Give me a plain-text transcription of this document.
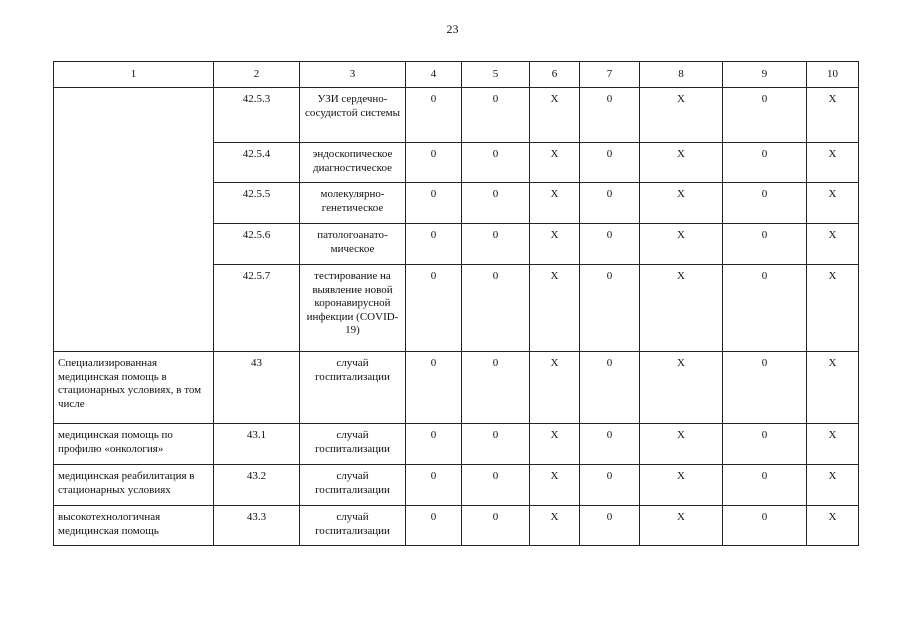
23
1	2	3	4	5	6	7	8	9	10
	42.5.3	УЗИ сердечно-сосудистой системы	0	0	X	0	X	0	X
	42.5.4	эндоскопическое диагностическое	0	0	X	0	X	0	X
	42.5.5	молекулярно-генетическое	0	0	X	0	X	0	X
	42.5.6	патологоанато-мическое	0	0	X	0	X	0	X
	42.5.7	тестирование на выявление новой коронавирусной инфекции (COVID-19)	0	0	X	0	X	0	X
Специализированная медицинская помощь в стационарных условиях, в том числе	43	случай госпитализации	0	0	X	0	X	0	X
медицинская помощь по профилю «онкология»	43.1	случай госпитализации	0	0	X	0	X	0	X
медицинская реабилитация в стационарных условиях	43.2	случай госпитализации	0	0	X	0	X	0	X
высокотехнологичная медицинская помощь	43.3	случай госпитализации	0	0	X	0	X	0	X
